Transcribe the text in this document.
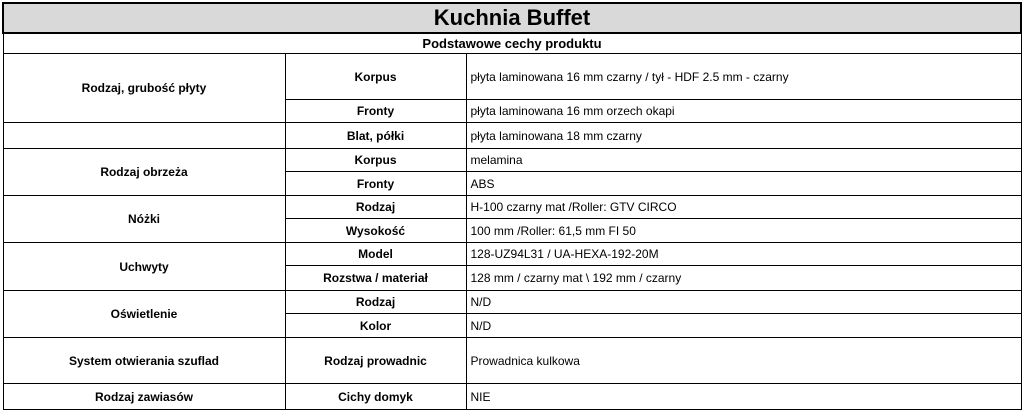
Kuchnia Buffet		
Podstawowe cechy produktu		
Rodzaj, grubość płyty	Korpus	płyta laminowana 16 mm czarny / tył - HDF 2.5 mm - czarny
	Fronty	płyta laminowana 16 mm orzech okapi
	Blat, półki	płyta laminowana 18 mm czarny
Rodzaj obrzeża	Korpus	melamina
	Fronty	ABS
Nóżki	Rodzaj	H-100 czarny mat /Roller: GTV CIRCO
	Wysokość	100 mm /Roller: 61,5 mm FI 50
Uchwyty	Model	128-UZ94L31 / UA-HEXA-192-20M
	Rozstwa / materiał	128 mm / czarny mat \ 192 mm / czarny
Oświetlenie	Rodzaj	N/D
	Kolor	N/D
System otwierania szuflad	Rodzaj prowadnic	Prowadnica kulkowa
Rodzaj zawiasów	Cichy domyk	NIE
